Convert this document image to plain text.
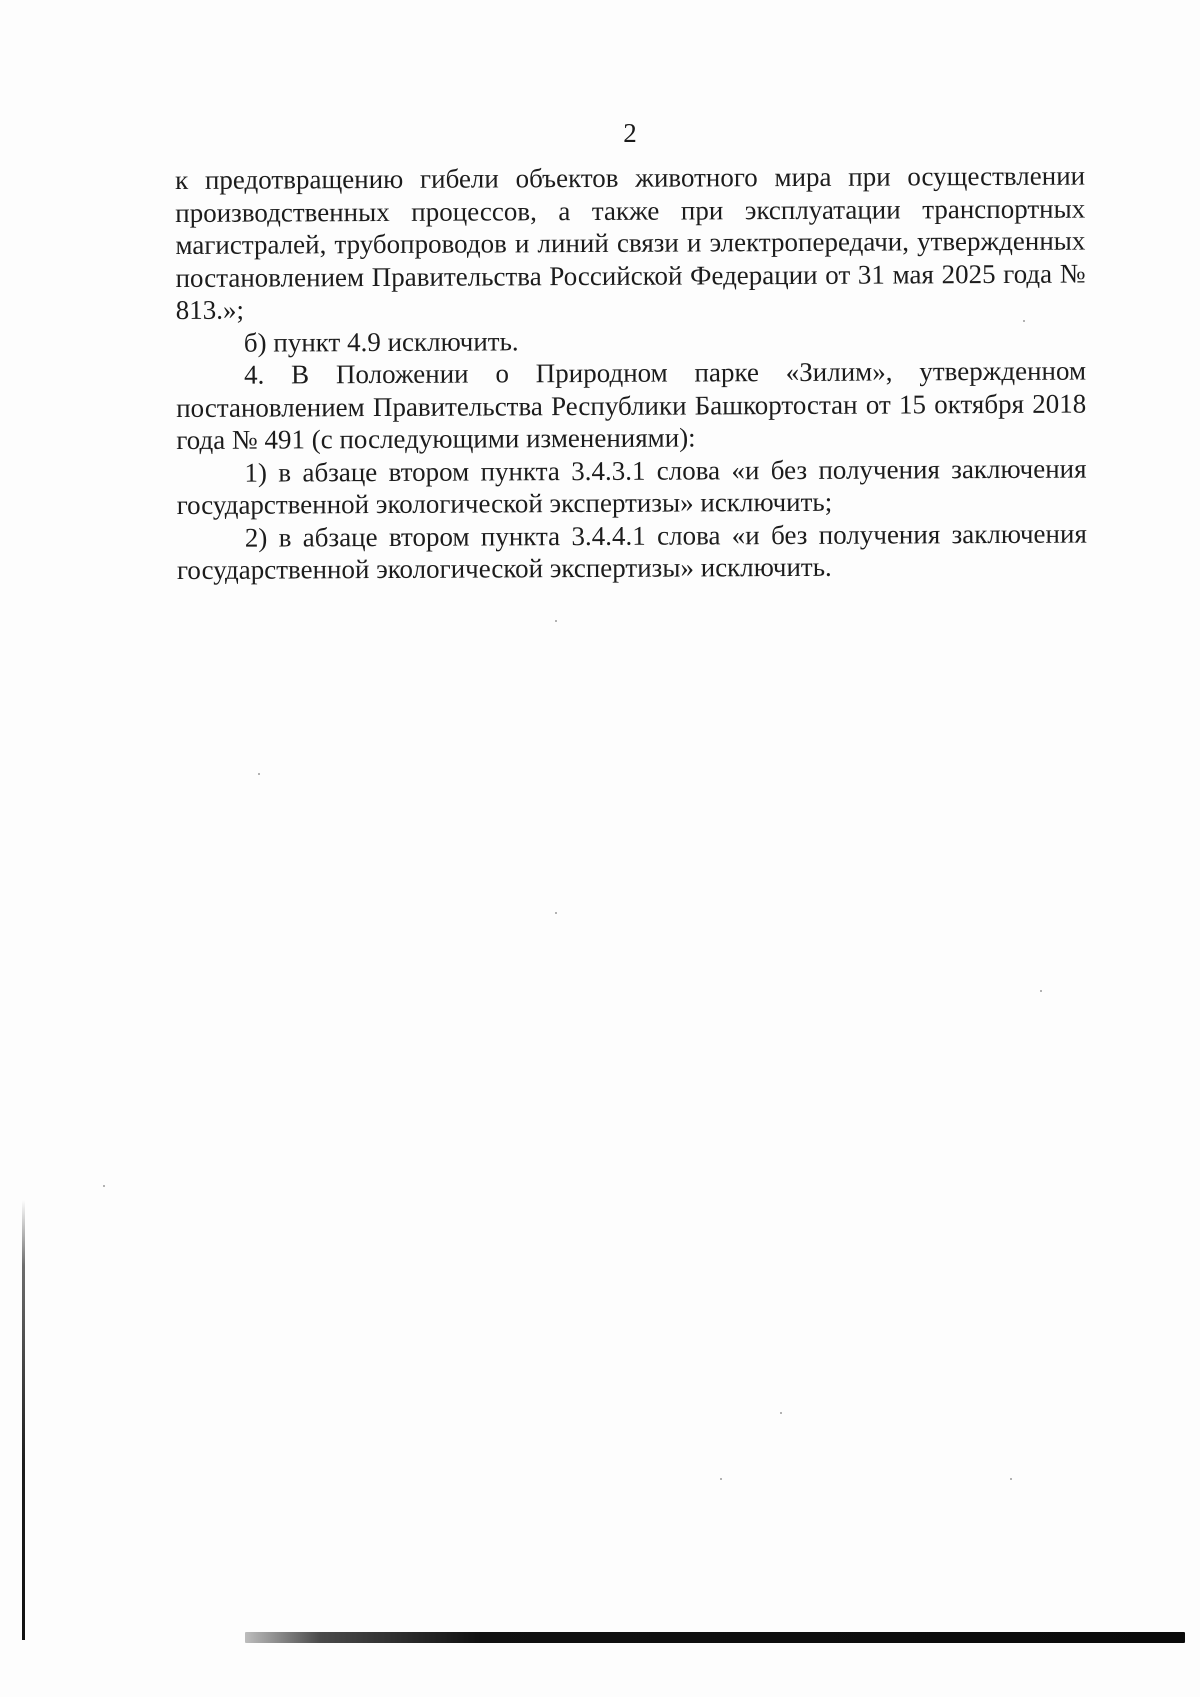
2

к предотвращению гибели объектов животного мира при осуществлении производственных процессов, а также при эксплуатации транспортных магистралей, трубопроводов и линий связи и электропередачи, утвержденных постановлением Правительства Российской Федерации от 31 мая 2025 года № 813.»;

б) пункт 4.9 исключить.

4. В Положении о Природном парке «Зилим», утвержденном постановлением Правительства Республики Башкортостан от 15 октября 2018 года № 491 (с последующими изменениями):

1) в абзаце втором пункта 3.4.3.1 слова «и без получения заключения государственной экологической экспертизы» исключить;

2) в абзаце втором пункта 3.4.4.1 слова «и без получения заключения государственной экологической экспертизы» исключить.
